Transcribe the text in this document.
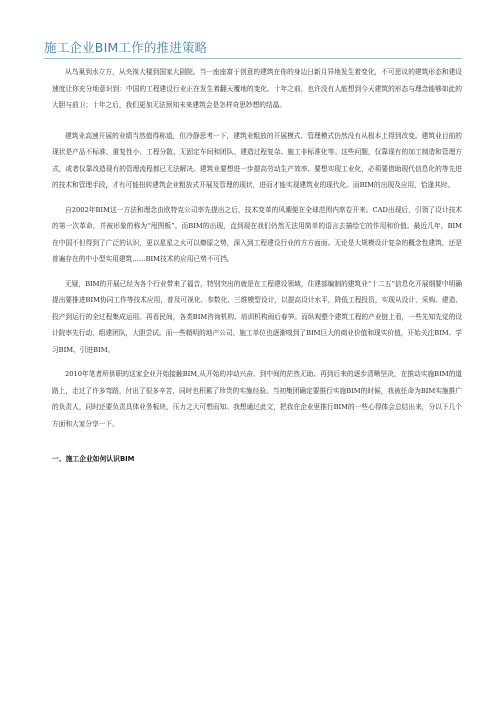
施工企业BIM工作的推进策略

从鸟巢到水立方，从央视大楼到国家大剧院。当一座座富于创意的建筑在你的身边日新月异地发生着变化，不可思议的建筑形态和建设速度让你充分地意识到：中国的工程建设行业正在发生着翻天覆地的变化。十年之前，也许没有人能想到今天建筑的形态与理念能够如此的大胆与前卫；十年之后，我们更加无法预知未来建筑会是怎样奇思妙想的结晶。

建筑业高速开展的业绩当然值得称道，但冷静思考一下，建筑业粗放的开展模式、管理模式仍然没有从根本上得到改变。建筑业目前的现状是产品不标准、重复性小、工程分散、无固定车间和团队、建造过程复杂、施工非标准化等。这些问题，仅靠现有的加工制造和管理方式，或者仅靠改造现有的管理流程都已无法解决。建筑业要想进一步提高劳动生产效率、要想实现工业化，必须要借助现代信息化的等先进的技术和管理手段，才有可能扭转建筑企业粗放式开展及管理的现状，进而才能实现建筑业的现代化。而BIM的出现及应用，恰逢其时。

自2002年BIM这一方法和理念由欧特克公司率先提出之后，技术变革的风潮便在全球范围内席卷开来。CAD出现后，引领了设计技术的第一次革命，并被形象的称为“甩图板”。而BIM的出现，直到现在我们仍然无法用简单的语言去描绘它的作用和价值。最近几年，BIM在中国不但得到了广泛的认识，更以星星之火可以燎原之势，深入到工程建设行业的方方面面。无论是大规模设计复杂的概念性建筑，还是普遍存在的中小型实用建筑……BIM技术的应用已势不可挡。

无疑，BIM的开展已经为各个行业带来了福音，特别突出的就是在工程建设领域，住建部编制的建筑业“十二五”信息化开展纲要中明确提出要推进BIM协同工作等技术应用，普及可视化、参数化、三维模型设计，以提高设计水平，降低工程投资，实现从设计、采购、建造、投产到运行的全过程集成运用。再看民间，各类BIM咨询机构、培训机构雨后春笋。而纵观整个建筑工程的产业链上看，一些先知先觉的设计院率先行动，组建团队，大胆尝试。而一些精明的地产公司、施工单位也逐渐嗅到了BIM巨大的商业价值和现实价值，开始关注BIM、学习BIM、引进BIM。

2010年笔者所供职的这家企业开始接触BIM,从开始的冲动兴奋、到中间的茫然无助、再到后来的逐步清晰坚决，在推动实施BIM的道路上，走过了许多弯路，付出了很多辛苦，同时也积累了珍贵的实施经验。当初集团确定要推行实施BIM的时候，我被任命为BIM实施推广的负责人，同时还要负责具体业务板块，压力之大可想而知。我想通过此文，把我在企业里推行BIM的一些心得体会总结出来，分以下几个方面和大家分享一下。

一、施工企业如何认识BIM
